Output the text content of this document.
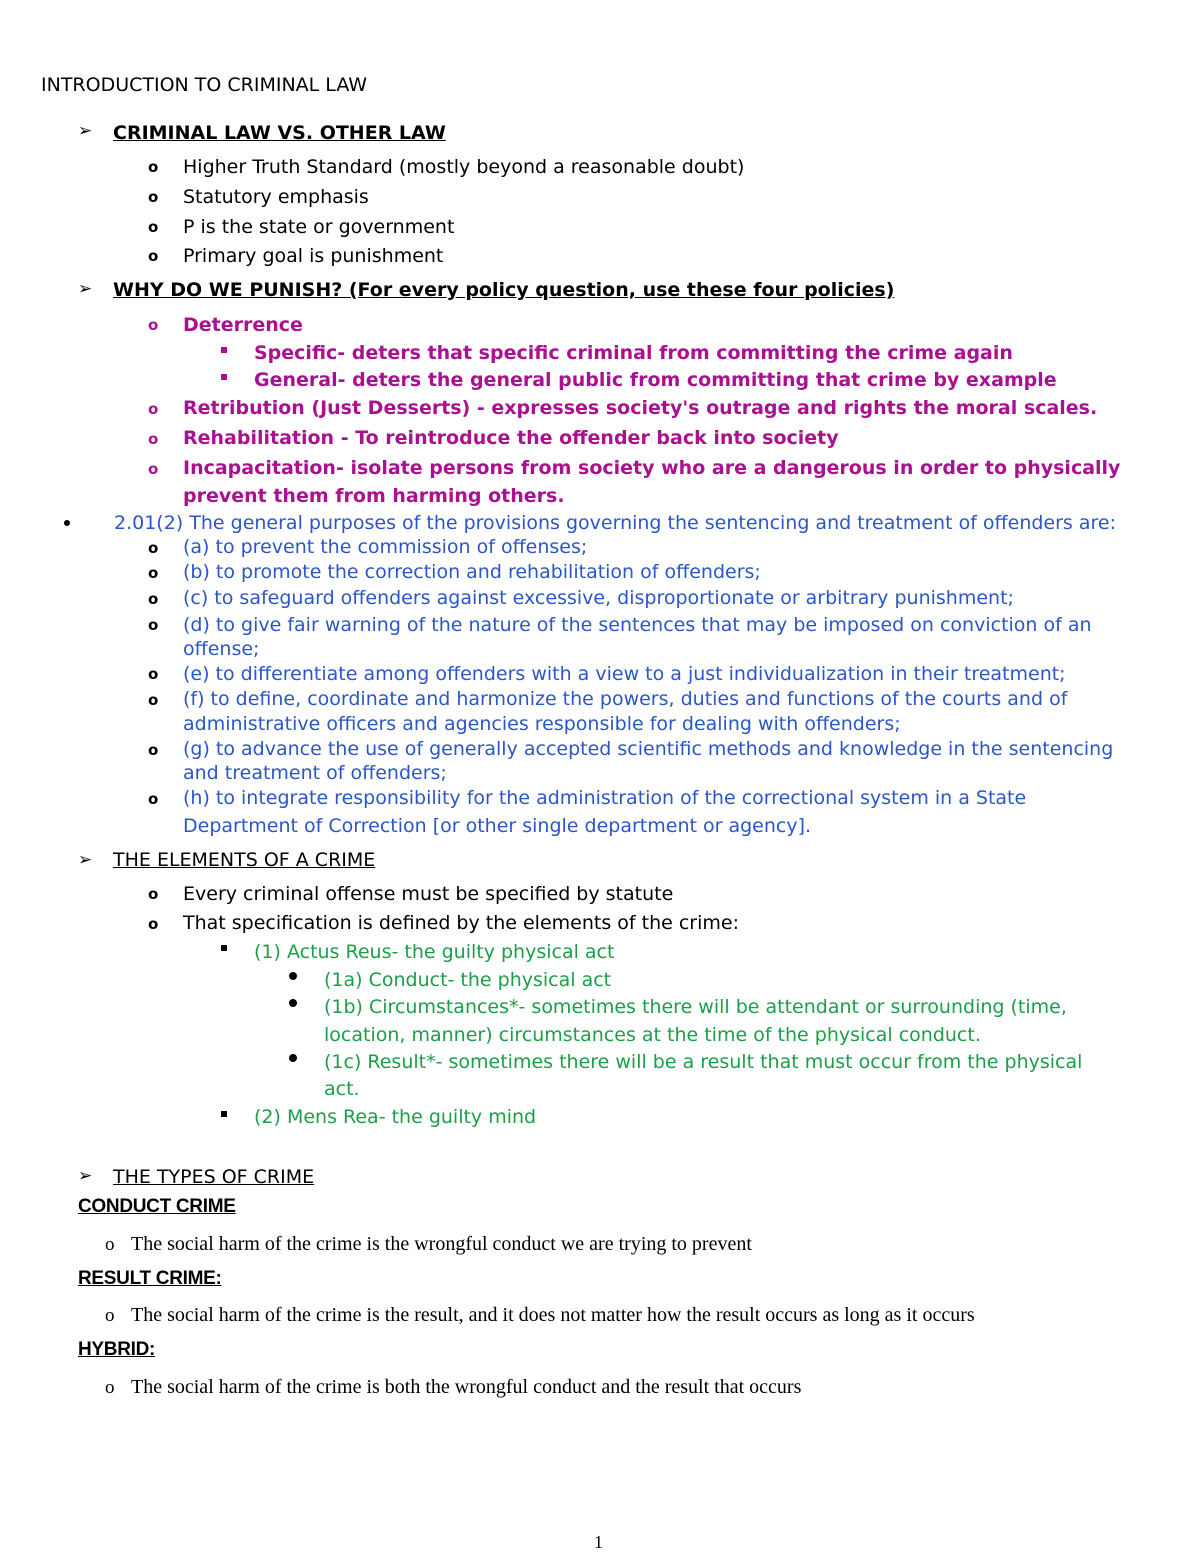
INTRODUCTION TO CRIMINAL LAW
➢ CRIMINAL LAW VS. OTHER LAW
o Higher Truth Standard (mostly beyond a reasonable doubt)
o Statutory emphasis
o P is the state or government
o Primary goal is punishment
➢ WHY DO WE PUNISH? (For every policy question, use these four policies)
o Deterrence
Specific- deters that specific criminal from committing the crime again
General- deters the general public from committing that crime by example
o Retribution (Just Desserts) - expresses society's outrage and rights the moral scales.
o Rehabilitation - To reintroduce the offender back into society
o Incapacitation- isolate persons from society who are a dangerous in order to physically
prevent them from harming others.
2.01(2) The general purposes of the provisions governing the sentencing and treatment of offenders are:
o (a) to prevent the commission of offenses;
o (b) to promote the correction and rehabilitation of offenders;
o (c) to safeguard offenders against excessive, disproportionate or arbitrary punishment;
o (d) to give fair warning of the nature of the sentences that may be imposed on conviction of an
offense;
o (e) to differentiate among offenders with a view to a just individualization in their treatment;
o (f) to define, coordinate and harmonize the powers, duties and functions of the courts and of
administrative officers and agencies responsible for dealing with offenders;
o (g) to advance the use of generally accepted scientific methods and knowledge in the sentencing
and treatment of offenders;
o (h) to integrate responsibility for the administration of the correctional system in a State
Department of Correction [or other single department or agency].
➢ THE ELEMENTS OF A CRIME
o Every criminal offense must be specified by statute
o That specification is defined by the elements of the crime:
(1) Actus Reus- the guilty physical act
(1a) Conduct- the physical act
(1b) Circumstances*- sometimes there will be attendant or surrounding (time,
location, manner) circumstances at the time of the physical conduct.
(1c) Result*- sometimes there will be a result that must occur from the physical
act.
(2) Mens Rea- the guilty mind
➢ THE TYPES OF CRIME
CONDUCT CRIME
o The social harm of the crime is the wrongful conduct we are trying to prevent
RESULT CRIME:
o The social harm of the crime is the result, and it does not matter how the result occurs as long as it occurs
HYBRID:
o The social harm of the crime is both the wrongful conduct and the result that occurs
1
